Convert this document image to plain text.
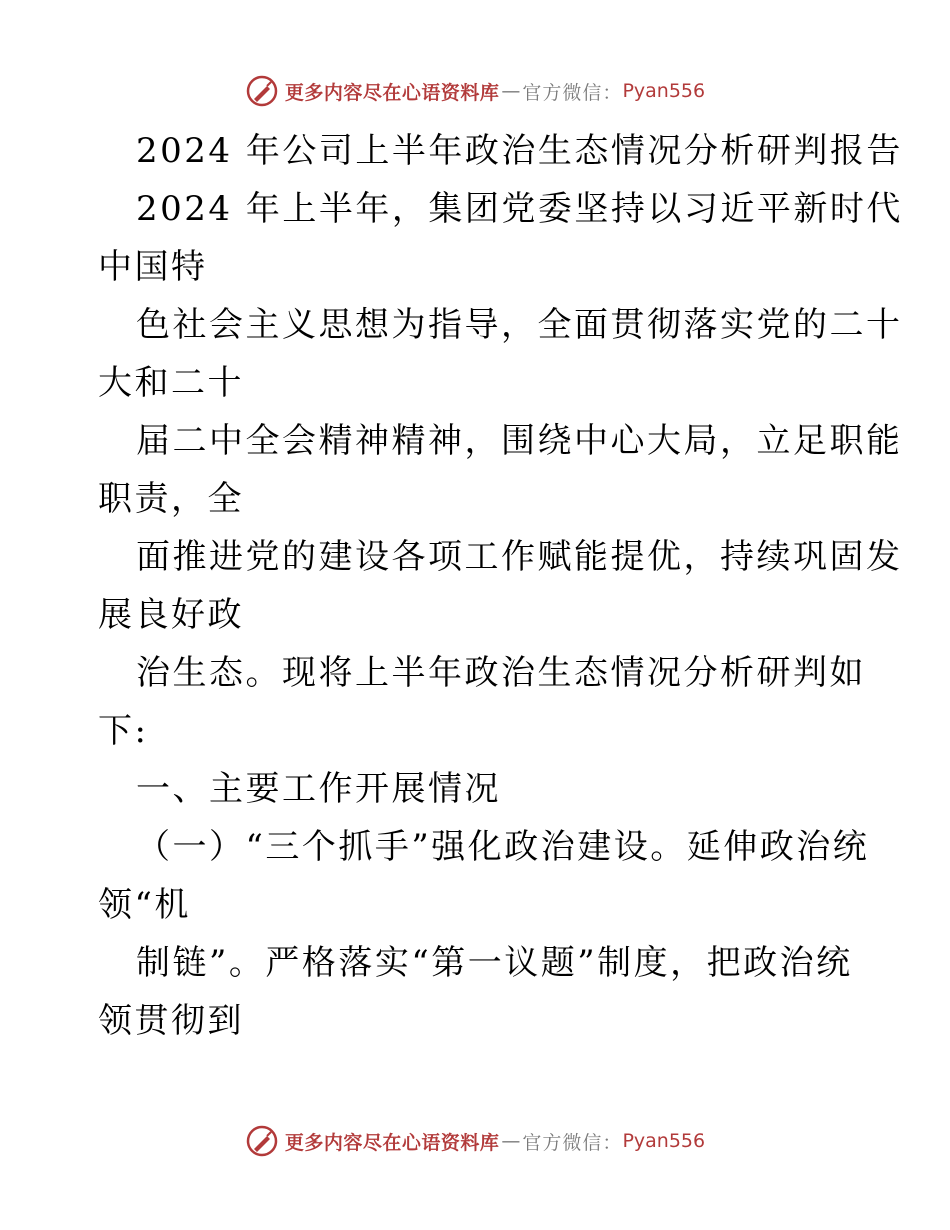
更多内容尽在心语资料库 — 官方微信： Pyan556
2024 年公司上半年政治生态情况分析研判报告
2024 年上半年，集团党委坚持以习近平新时代
中国特
色社会主义思想为指导，全面贯彻落实党的二十
大和二十
届二中全会精神精神，围绕中心大局，立足职能
职责，全
面推进党的建设各项工作赋能提优，持续巩固发
展良好政
治生态。现将上半年政治生态情况分析研判如
下:
一、主要工作开展情况
（一）“三个抓手”强化政治建设。延伸政治统
领“机
制链”。严格落实“第一议题”制度，把政治统
领贯彻到
更多内容尽在心语资料库 — 官方微信： Pyan556
